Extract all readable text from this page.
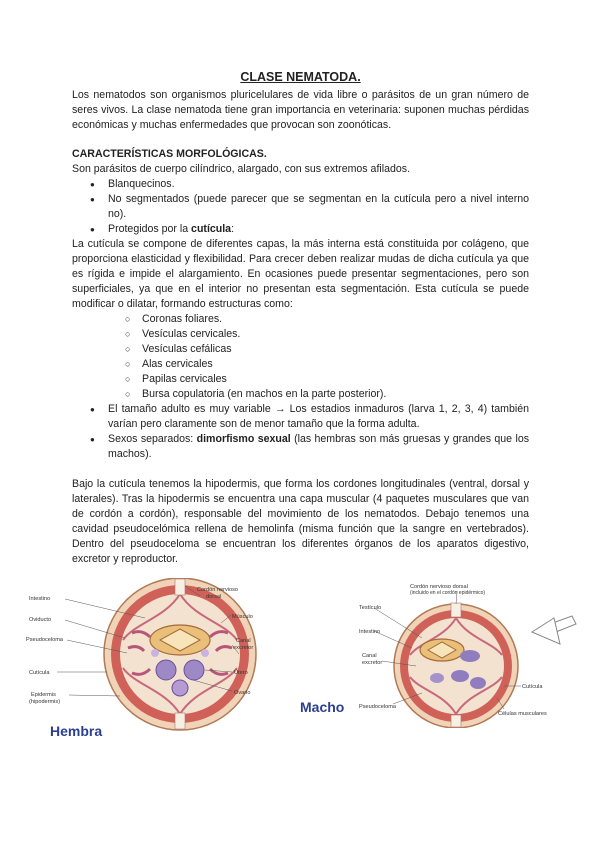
CLASE NEMATODA.

Los nematodos son organismos pluricelulares de vida libre o parásitos de un gran número de seres vivos. La clase nematoda tiene gran importancia en veterinaria: suponen muchas pérdidas económicas y muchas enfermedades que provocan son zoonóticas.

CARACTERÍSTICAS MORFOLÓGICAS.

Son parásitos de cuerpo cilíndrico, alargado, con sus extremos afilados.

● Blanquecinos.
● No segmentados (puede parecer que se segmentan en la cutícula pero a nivel interno no).
● Protegidos por la cutícula:

La cutícula se compone de diferentes capas, la más interna está constituida por colágeno, que proporciona elasticidad y flexibilidad. Para crecer deben realizar mudas de dicha cutícula ya que es rígida e impide el alargamiento. En ocasiones puede presentar segmentaciones, pero son superficiales, ya que en el interior no presentan esta segmentación. Esta cutícula se puede modificar o dilatar, formando estructuras como:

○ Coronas foliares.
○ Vesículas cervicales.
○ Vesículas cefálicas
○ Alas cervicales
○ Papilas cervicales
○ Bursa copulatoria (en machos en la parte posterior).
● El tamaño adulto es muy variable → Los estadios inmaduros (larva 1, 2, 3, 4) también varían pero claramente son de menor tamaño que la forma adulta.
● Sexos separados: dimorfismo sexual (las hembras son más gruesas y grandes que los machos).

Bajo la cutícula tenemos la hipodermis, que forma los cordones longitudinales (ventral, dorsal y laterales). Tras la hipodermis se encuentra una capa muscular (4 paquetes musculares que van de cordón a cordón), responsable del movimiento de los nematodos. Debajo tenemos una cavidad pseudocelómica rellena de hemolinfa (misma función que la sangre en vertebrados). Dentro del pseudoceloma se encuentran los diferentes órganos de los aparatos digestivo, excretor y reproductor.

Intestino
Oviducto
Pseudoceloma
Cutícula
Epidermis
(hipodermis)
Cordón nervioso
dorsal
Músculo
Canal
excretor
Útero
Ovario
Hembra
Cordón nervioso dorsal
(incluido en el cordón epidérmico)
Testículo
Intestino
Canal
excretor
Pseudoceloma
Cutícula
Células musculares
Macho
